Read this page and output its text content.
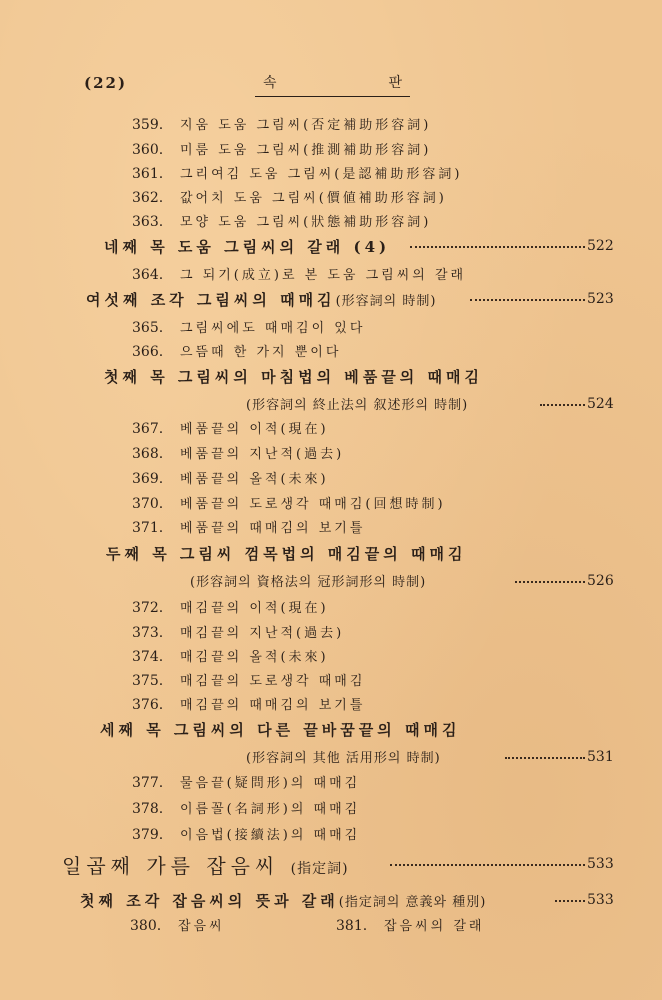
(22)	속	판
359. 지움 도움 그림씨(否定補助形容詞)
360. 미룸 도움 그림씨(推測補助形容詞)
361. 그리여김 도움 그림씨(是認補助形容詞)
362. 값어치 도움 그림씨(價値補助形容詞)
363. 모양 도움 그림씨(狀態補助形容詞)
네째 목 도움 그림씨의 갈래 (4)	522
364. 그 되기(成立)로 본 도움 그림씨의 갈래
여섯째 조각 그림씨의 때매김(形容詞의 時制)	523
365. 그림씨에도 때매김이 있다
366. 으뜸때 한 가지 뿐이다
첫째 목 그림씨의 마침법의 베품끝의 때매김
(形容詞의 終止法의 叙述形의 時制)	524
367. 베품끝의 이적(現在)
368. 베품끝의 지난적(過去)
369. 베품끝의 올적(未來)
370. 베품끝의 도로생각 때매김(回想時制)
371. 베품끝의 때매김의 보기틀
두째 목 그림씨 껌목법의 매김끝의 때매김
(形容詞의 資格法의 冠形詞形의 時制)	526
372. 매김끝의 이적(現在)
373. 매김끝의 지난적(過去)
374. 매김끝의 올적(未來)
375. 매김끝의 도로생각 때매김
376. 매김끝의 때매김의 보기틀
세째 목 그림씨의 다른 끝바꿈끝의 때매김
(形容詞의 其他 活用形의 時制)	531
377. 물음끝(疑問形)의 때매김
378. 이름꼴(名詞形)의 때매김
379. 이음법(接續法)의 때매김
일곱째 가름 잡음씨 (指定詞)	533
첫째 조각 잡음씨의 뜻과 갈래(指定詞의 意義와 種別)	533
380. 잡음씨	381. 잡음씨의 갈래
